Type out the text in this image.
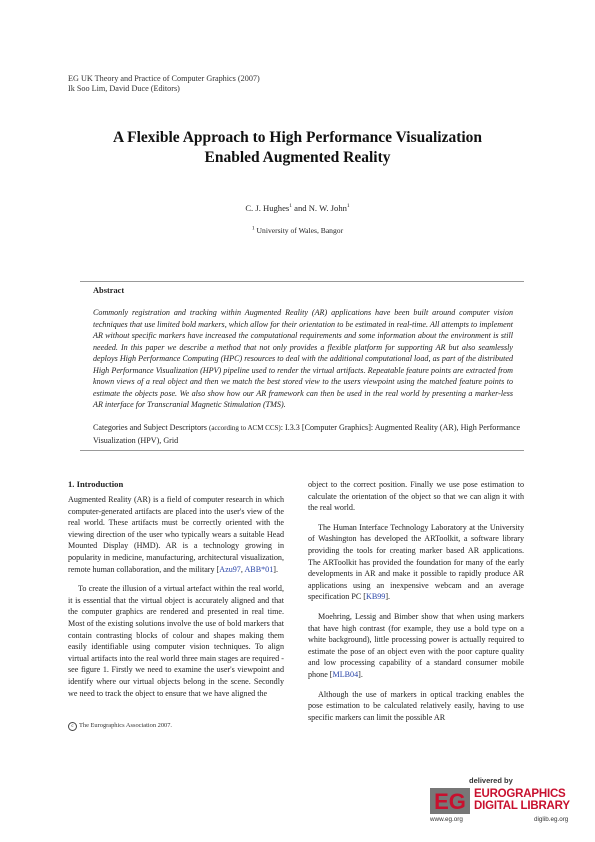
EG UK Theory and Practice of Computer Graphics (2007)
Ik Soo Lim, David Duce (Editors)
A Flexible Approach to High Performance Visualization
Enabled Augmented Reality
C. J. Hughes$^1$ and N. W. John$^1$
$^1$ University of Wales, Bangor
Abstract
Commonly registration and tracking within Augmented Reality (AR) applications have been built around computer vision techniques that use limited bold markers, which allow for their orientation to be estimated in real-time. All attempts to implement AR without specific markers have increased the computational requirements and some information about the environment is still needed. In this paper we describe a method that not only provides a flexible platform for supporting AR but also seamlessly deploys High Performance Computing (HPC) resources to deal with the additional computational load, as part of the distributed High Performance Visualization (HPV) pipeline used to render the virtual artifacts. Repeatable feature points are extracted from known views of a real object and then we match the best stored view to the users viewpoint using the matched feature points to estimate the objects pose. We also show how our AR framework can then be used in the real world by presenting a marker-less AR interface for Transcranial Magnetic Stimulation (TMS).
Categories and Subject Descriptors (according to ACM CCS): I.3.3 [Computer Graphics]: Augmented Reality (AR), High Performance Visualization (HPV), Grid
1. Introduction

Augmented Reality (AR) is a field of computer research in which computer-generated artifacts are placed into the user's view of the real world. These artifacts must be correctly oriented with the viewing direction of the user who typically wears a suitable Head Mounted Display (HMD). AR is a technology growing in popularity in medicine, manufacturing, architectural visualization, remote human collaboration, and the military [Azu97, ABB*01].

To create the illusion of a virtual artefact within the real world, it is essential that the virtual object is accurately aligned and that the computer graphics are rendered and presented in real time. Most of the existing solutions involve the use of bold markers that contain contrasting blocks of colour and shapes making them easily identifiable using computer vision techniques. To align virtual artifacts into the real world three main stages are required - see figure 1. Firstly we need to examine the user's viewpoint and identify where our virtual objects belong in the scene. Secondly we need to track the object to ensure that we have aligned the

object to the correct position. Finally we use pose estimation to calculate the orientation of the object so that we can align it with the real world.

The Human Interface Technology Laboratory at the University of Washington has developed the ARToolkit, a software library providing the tools for creating marker based AR applications. The ARToolkit has provided the foundation for many of the early developments in AR and make it possible to rapidly produce AR applications using an inexpensive webcam and an average specification PC [KB99].

Moehring, Lessig and Bimber show that when using markers that have high contrast (for example, they use a bold type on a white background), little processing power is actually required to estimate the pose of an object even with the poor capture quality and low processing capability of a standard consumer mobile phone [MLB04].

Although the use of markers in optical tracking enables the pose estimation to be calculated relatively easily, having to use specific markers can limit the possible AR

c The Eurographics Association 2007.
delivered by
EG EUROGRAPHICS
DIGITAL LIBRARY
www.eg.org	diglib.eg.org
